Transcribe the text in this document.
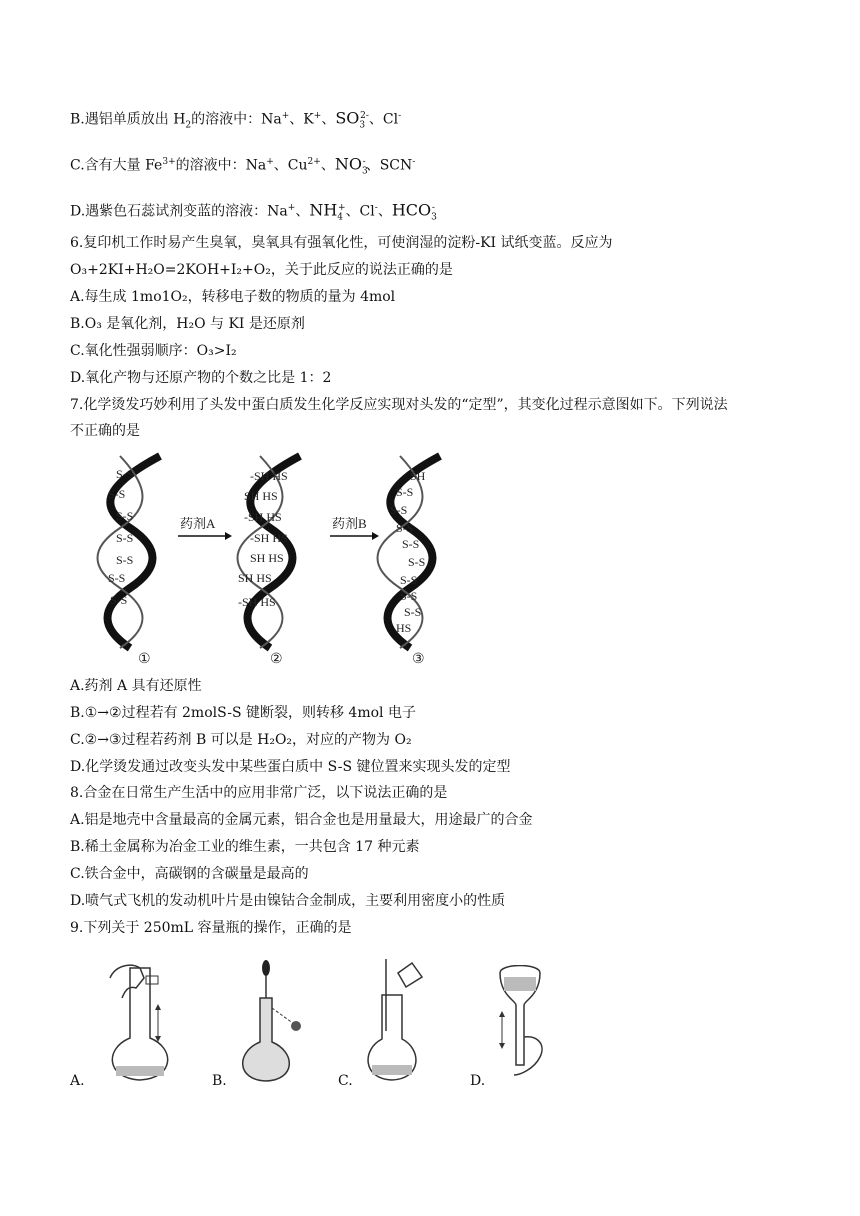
B.遇铝单质放出 $H_2$的溶液中：Na+、K+、$SO_3^{2-}$、Cl-
C.含有大量 $Fe^{3+}$的溶液中：Na+、$Cu^{2+}$、$NO_3^-$、SCN-
D.遇紫色石蕊试剂变蓝的溶液：Na+、$NH_4^+$、Cl-、$HCO_3^-$
6.复印机工作时易产生臭氧，臭氧具有强氧化性，可使润湿的淀粉-KI 试纸变蓝。反应为
O₃+2KI+H₂O=2KOH+I₂+O₂，关于此反应的说法正确的是
A.每生成 1mo1O₂，转移电子数的物质的量为 4mol
B.O₃ 是氧化剂，H₂O 与 KI 是还原剂
C.氧化性强弱顺序：O₃>I₂
D.氧化产物与还原产物的个数之比是 1：2
7.化学烫发巧妙利用了头发中蛋白质发生化学反应实现对头发的“定型”，其变化过程示意图如下。下列说法
不正确的是
S-S
S-S
S-S
S-S
S-S
S-S
S-S
药剂A
-SH HS
SH HS
-SH HS
-SH HS
SH HS
SH HS
-SH HS
药剂B
SH
S-S
S-S
S-S
S-S
S-S
S-S
S-S
S-S
HS
①	②	③
A.药剂 A 具有还原性
B.①→②过程若有 2molS-S 键断裂，则转移 4mol 电子
C.②→③过程若药剂 B 可以是 H₂O₂，对应的产物为 O₂
D.化学烫发通过改变头发中某些蛋白质中 S-S 键位置来实现头发的定型
8.合金在日常生产生活中的应用非常广泛，以下说法正确的是
A.铝是地壳中含量最高的金属元素，铝合金也是用量最大，用途最广的合金
B.稀土金属称为冶金工业的维生素，一共包含 17 种元素
C.铁合金中，高碳钢的含碳量是最高的
D.喷气式飞机的发动机叶片是由镍钴合金制成，主要利用密度小的性质
9.下列关于 250mL 容量瓶的操作，正确的是
A.	B.	C.	D.
